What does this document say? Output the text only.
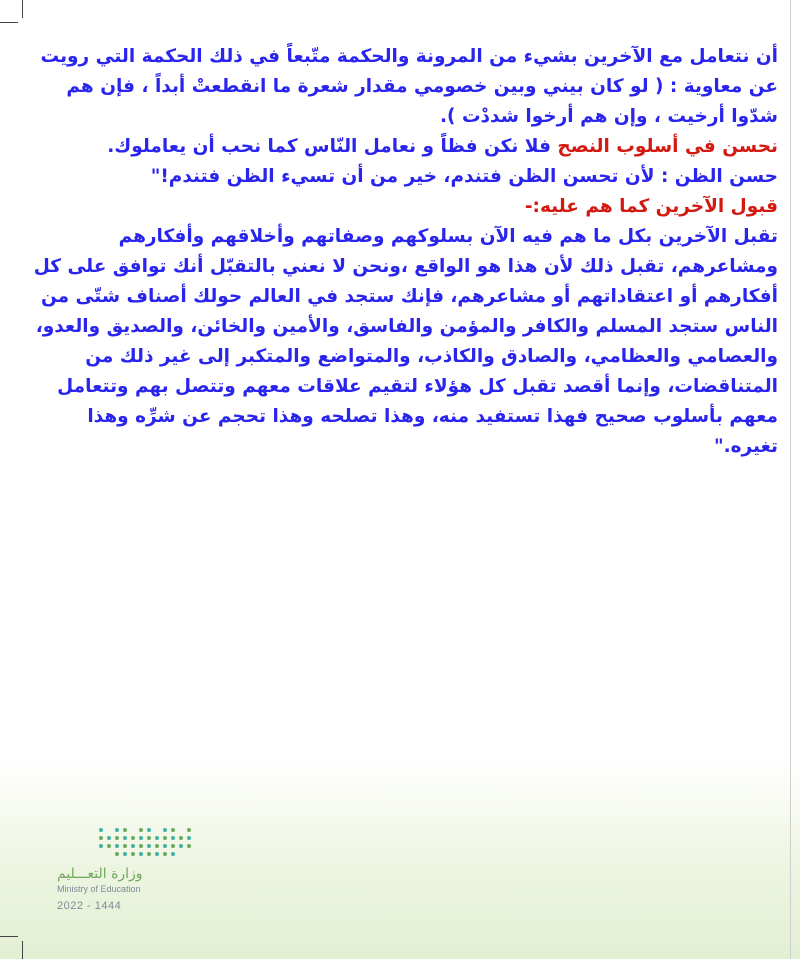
أن نتعامل مع الآخرين بشيء من المرونة والحكمة متّبعاً في ذلك الحكمة التي رويت عن معاوية : ( لو كان بيني وبين خصومي مقدار شعرة ما انقطعتْ أبداً ، فإن هم شدّوا أرخيت ، وإن هم أرخوا شددْت ).

نحسن في أسلوب النصح فلا نكن فظاً و نعامل النّاس كما نحب أن يعاملوك.

حسن الظن : لأن تحسن الظن فتندم، خير من أن تسيء الظن فتندم!"

قبول الآخرين كما هم عليه:-

تقبل الآخرين بكل ما هم فيه الآن بسلوكهم وصفاتهم وأخلاقهم وأفكارهم ومشاعرهم، تقبل ذلك لأن هذا هو الواقع ،ونحن لا نعني بالتقبّل أنك توافق على كل أفكارهم أو اعتقاداتهم أو مشاعرهم، فإنك ستجد في العالم حولك أصناف شتّى من الناس ستجد المسلم والكافر والمؤمن والفاسق، والأمين والخائن، والصديق والعدو، والعصامي والعظامي، والصادق والكاذب، والمتواضع والمتكبر إلى غير ذلك من المتناقضات، وإنما أقصد تقبل كل هؤلاء لتقيم علاقات معهم وتتصل بهم وتتعامل معهم بأسلوب صحيح فهذا تستفيد منه، وهذا تصلحه وهذا تحجم عن شرِّه وهذا تغيره."

وزارة التعـــليم
Ministry of Education
2022 - 1444
